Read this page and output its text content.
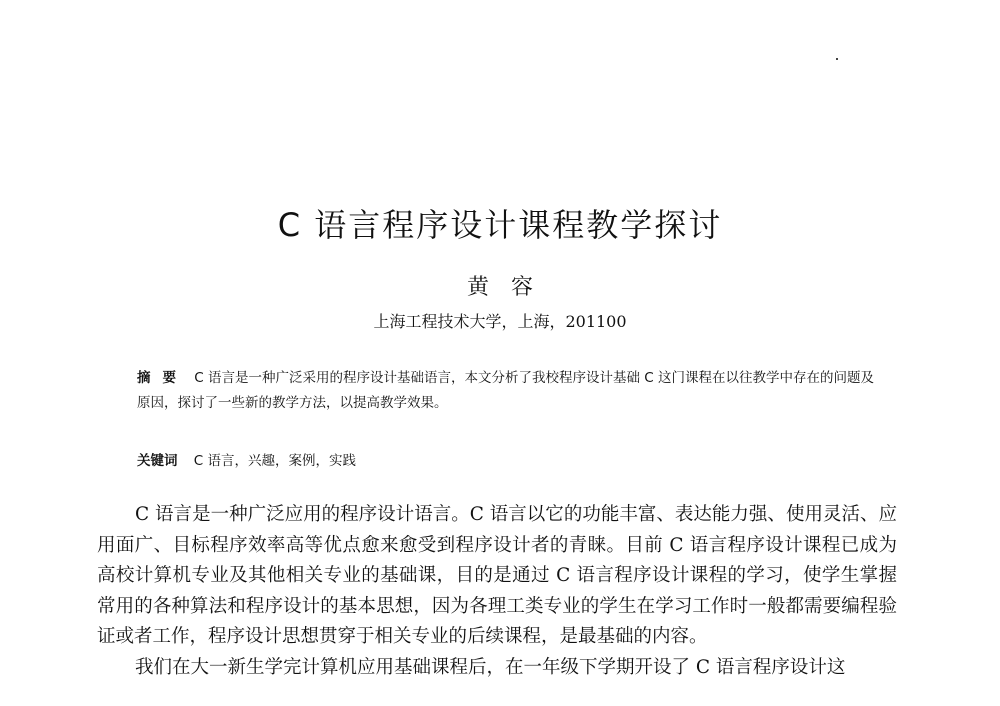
C 语言程序设计课程教学探讨
黄容
上海工程技术大学，上海，201100
摘要 C 语言是一种广泛采用的程序设计基础语言，本文分析了我校程序设计基础 C 这门课程在以往教学中存在的问题及原因，探讨了一些新的教学方法，以提高教学效果。
关键词 C 语言，兴趣，案例，实践

C 语言是一种广泛应用的程序设计语言。C 语言以它的功能丰富、表达能力强、使用灵活、应用面广、目标程序效率高等优点愈来愈受到程序设计者的青睐。目前 C 语言程序设计课程已成为高校计算机专业及其他相关专业的基础课，目的是通过 C 语言程序设计课程的学习，使学生掌握常用的各种算法和程序设计的基本思想，因为各理工类专业的学生在学习工作时一般都需要编程验证或者工作，程序设计思想贯穿于相关专业的后续课程，是最基础的内容。

我们在大一新生学完计算机应用基础课程后，在一年级下学期开设了 C 语言程序设计这
